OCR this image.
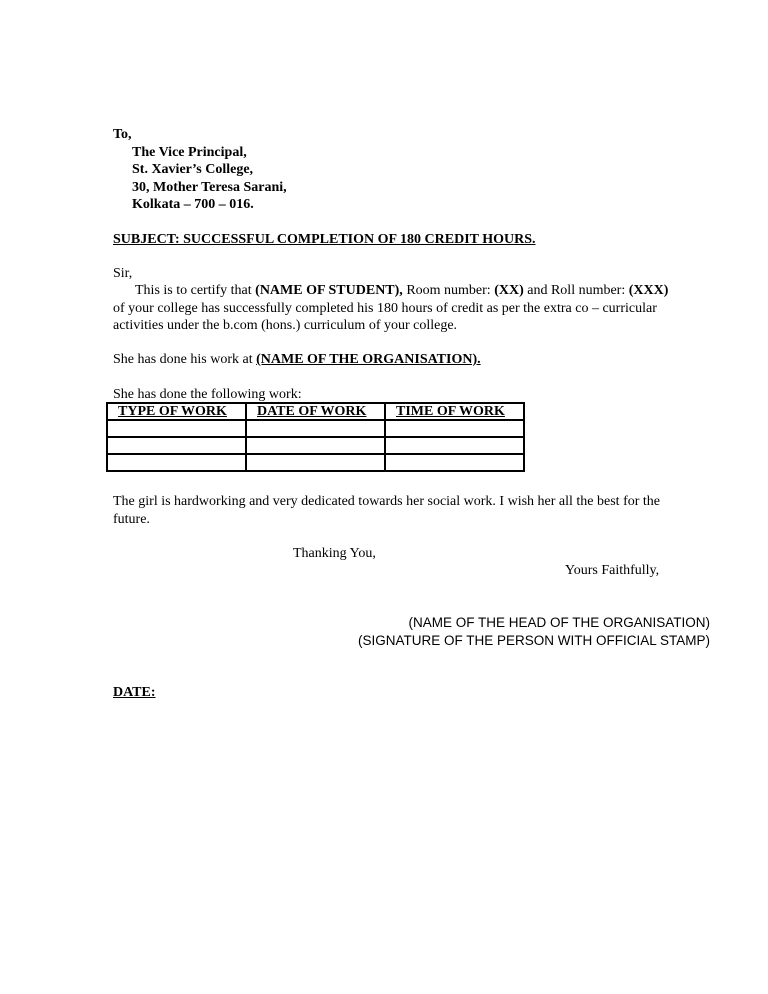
To,
The Vice Principal,
St. Xavier’s College,
30, Mother Teresa Sarani,
Kolkata – 700 – 016.
SUBJECT: SUCCESSFUL COMPLETION OF 180 CREDIT HOURS.
Sir,
This is to certify that (NAME OF STUDENT), Room number: (XX) and Roll number: (XXX)
of your college has successfully completed his 180 hours of credit as per the extra co – curricular
activities under the b.com (hons.) curriculum of your college.
She has done his work at (NAME OF THE ORGANISATION).
She has done the following work:
TYPE OF WORK	DATE OF WORK	TIME OF WORK

The girl is hardworking and very dedicated towards her social work. I wish her all the best for the
future.
Thanking You,
Yours Faithfully,
(NAME OF THE HEAD OF THE ORGANISATION)
(SIGNATURE OF THE PERSON WITH OFFICIAL STAMP)
DATE:
